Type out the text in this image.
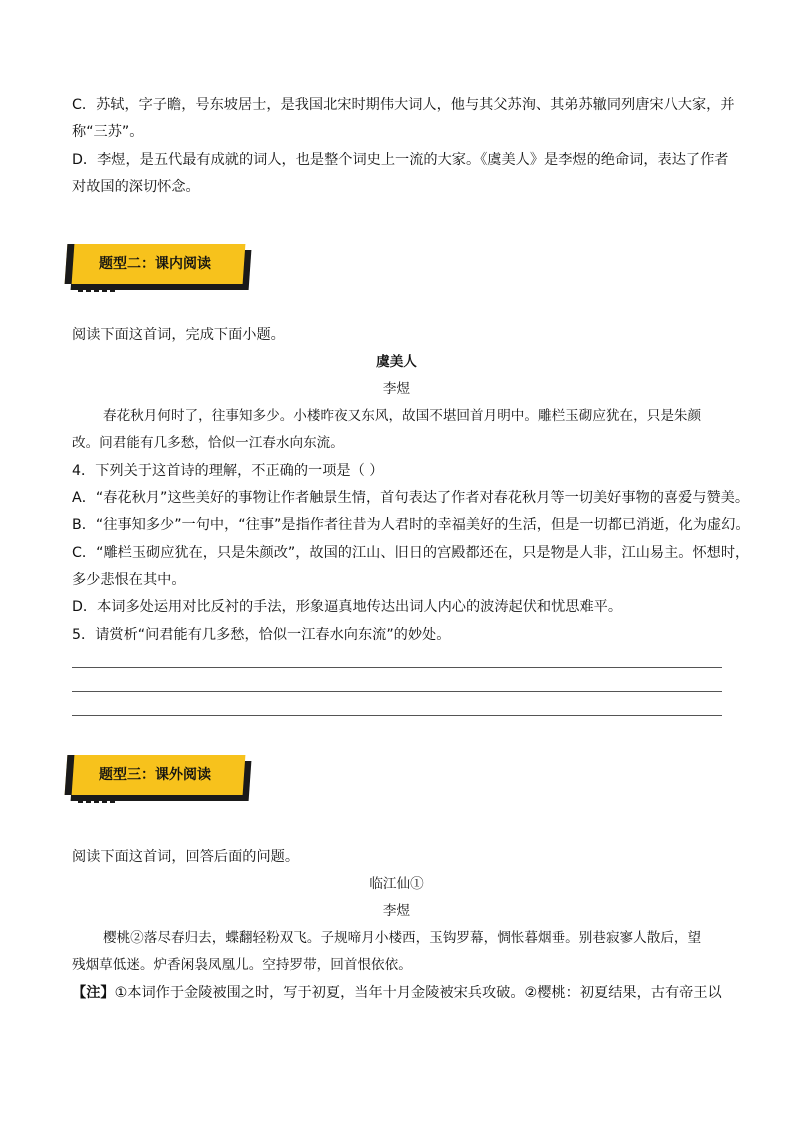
C．苏轼，字子瞻，号东坡居士，是我国北宋时期伟大词人，他与其父苏洵、其弟苏辙同列唐宋八大家，并
称“三苏”。
D．李煜，是五代最有成就的词人，也是整个词史上一流的大家。《虞美人》是李煜的绝命词，表达了作者
对故国的深切怀念。
题型二：课内阅读
阅读下面这首词，完成下面小题。
虞美人
李煜
春花秋月何时了，往事知多少。小楼昨夜又东风，故国不堪回首月明中。雕栏玉砌应犹在，只是朱颜
改。问君能有几多愁，恰似一江春水向东流。
4．下列关于这首诗的理解，不正确的一项是（ ）
A．“春花秋月”这些美好的事物让作者触景生情，首句表达了作者对春花秋月等一切美好事物的喜爱与赞美。
B．“往事知多少”一句中，“往事”是指作者往昔为人君时的幸福美好的生活，但是一切都已消逝，化为虚幻。
C．“雕栏玉砌应犹在，只是朱颜改”，故国的江山、旧日的宫殿都还在，只是物是人非，江山易主。怀想时，
多少悲恨在其中。
D．本词多处运用对比反衬的手法，形象逼真地传达出词人内心的波涛起伏和忧思难平。
5．请赏析“问君能有几多愁，恰似一江春水向东流”的妙处。
题型三：课外阅读
阅读下面这首词，回答后面的问题。
临江仙①
李煜
樱桃②落尽春归去，蝶翻轻粉双飞。子规啼月小楼西，玉钩罗幕，惆怅暮烟垂。别巷寂寥人散后，望
残烟草低迷。炉香闲袅凤凰儿。空持罗带，回首恨依依。
【注】①本词作于金陵被围之时，写于初夏，当年十月金陵被宋兵攻破。②樱桃：初夏结果，古有帝王以
